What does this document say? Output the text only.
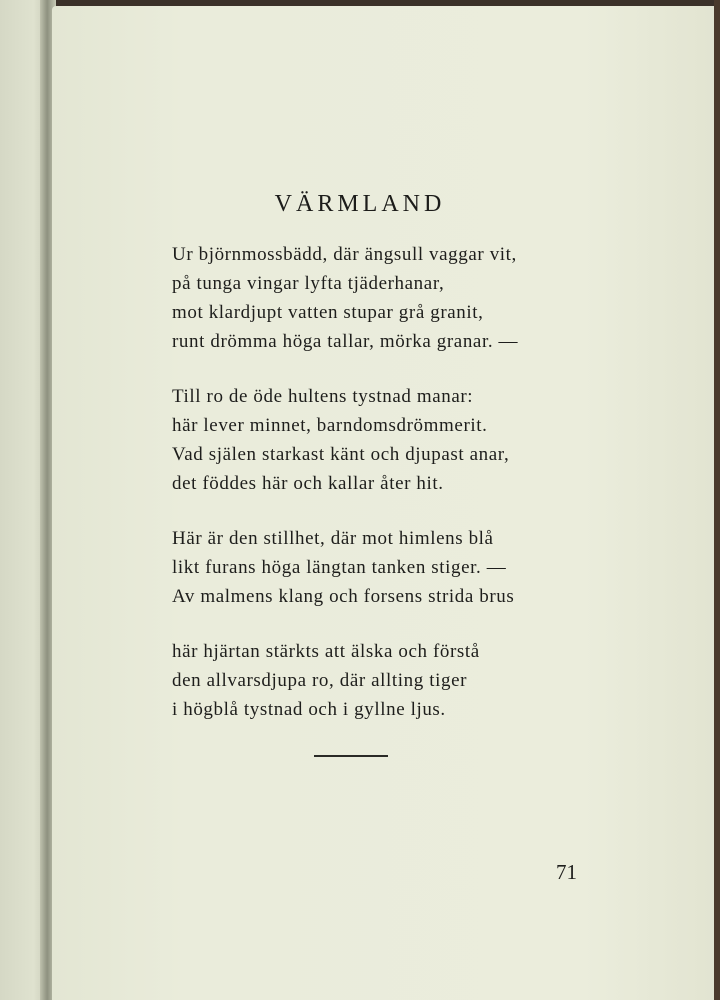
VÄRMLAND
Ur björnmossbädd, där ängsull vaggar vit,
på tunga vingar lyfta tjäderhanar,
mot klardjupt vatten stupar grå granit,
runt drömma höga tallar, mörka granar. —
Till ro de öde hultens tystnad manar:
här lever minnet, barndomsdrömmerit.
Vad själen starkast känt och djupast anar,
det föddes här och kallar åter hit.
Här är den stillhet, där mot himlens blå
likt furans höga längtan tanken stiger. —
Av malmens klang och forsens strida brus
här hjärtan stärkts att älska och förstå
den allvarsdjupa ro, där allting tiger
i högblå tystnad och i gyllne ljus.
71
